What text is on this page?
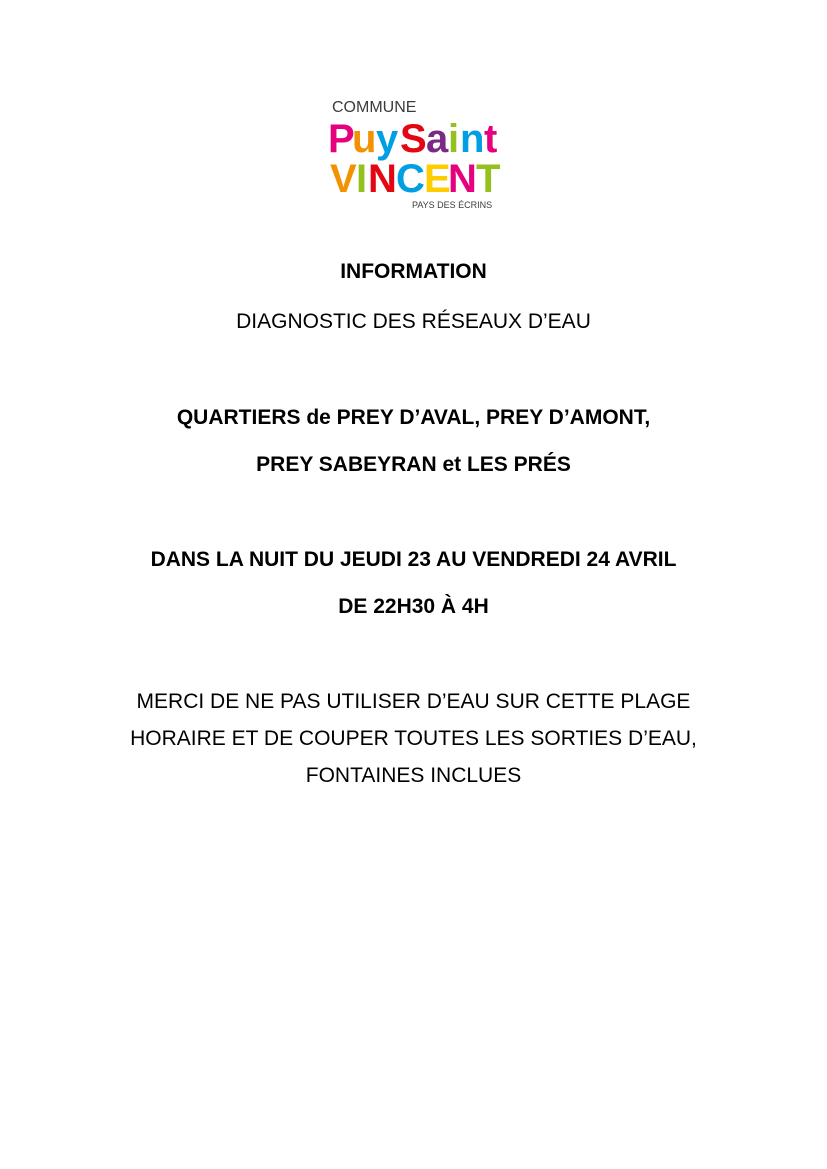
COMMUNE
P
u y S a i n t
V I N C E
N T
PAYS DES ÉCRINS
INFORMATION
DIAGNOSTIC DES RÉSEAUX D’EAU
QUARTIERS de PREY D’AVAL, PREY D’AMONT,
PREY SABEYRAN et LES PRÉS
DANS LA NUIT DU JEUDI 23 AU VENDREDI 24 AVRIL
DE 22H30 À 4H
MERCI DE NE PAS UTILISER D’EAU SUR CETTE PLAGE
HORAIRE ET DE COUPER TOUTES LES SORTIES D’EAU,
FONTAINES INCLUES
